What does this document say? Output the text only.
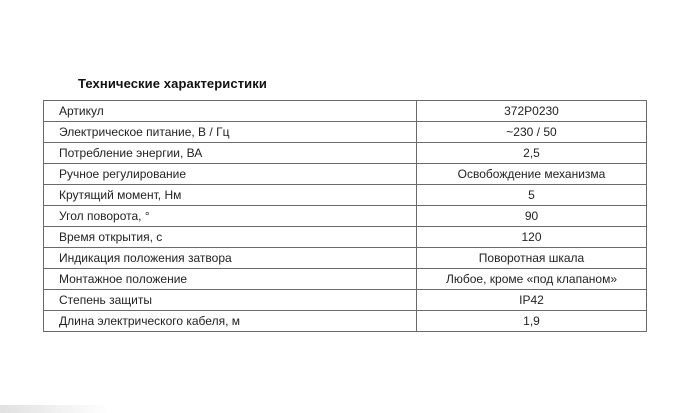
Технические характеристики
Артикул	372P0230
Электрическое питание, В / Гц	~230 / 50
Потребление энергии, ВА	2,5
Ручное регулирование	Освобождение механизма
Крутящий момент, Нм	5
Угол поворота, °	90
Время открытия, с	120
Индикация положения затвора	Поворотная шкала
Монтажное положение	Любое, кроме «под клапаном»
Степень защиты	IP42
Длина электрического кабеля, м	1,9
